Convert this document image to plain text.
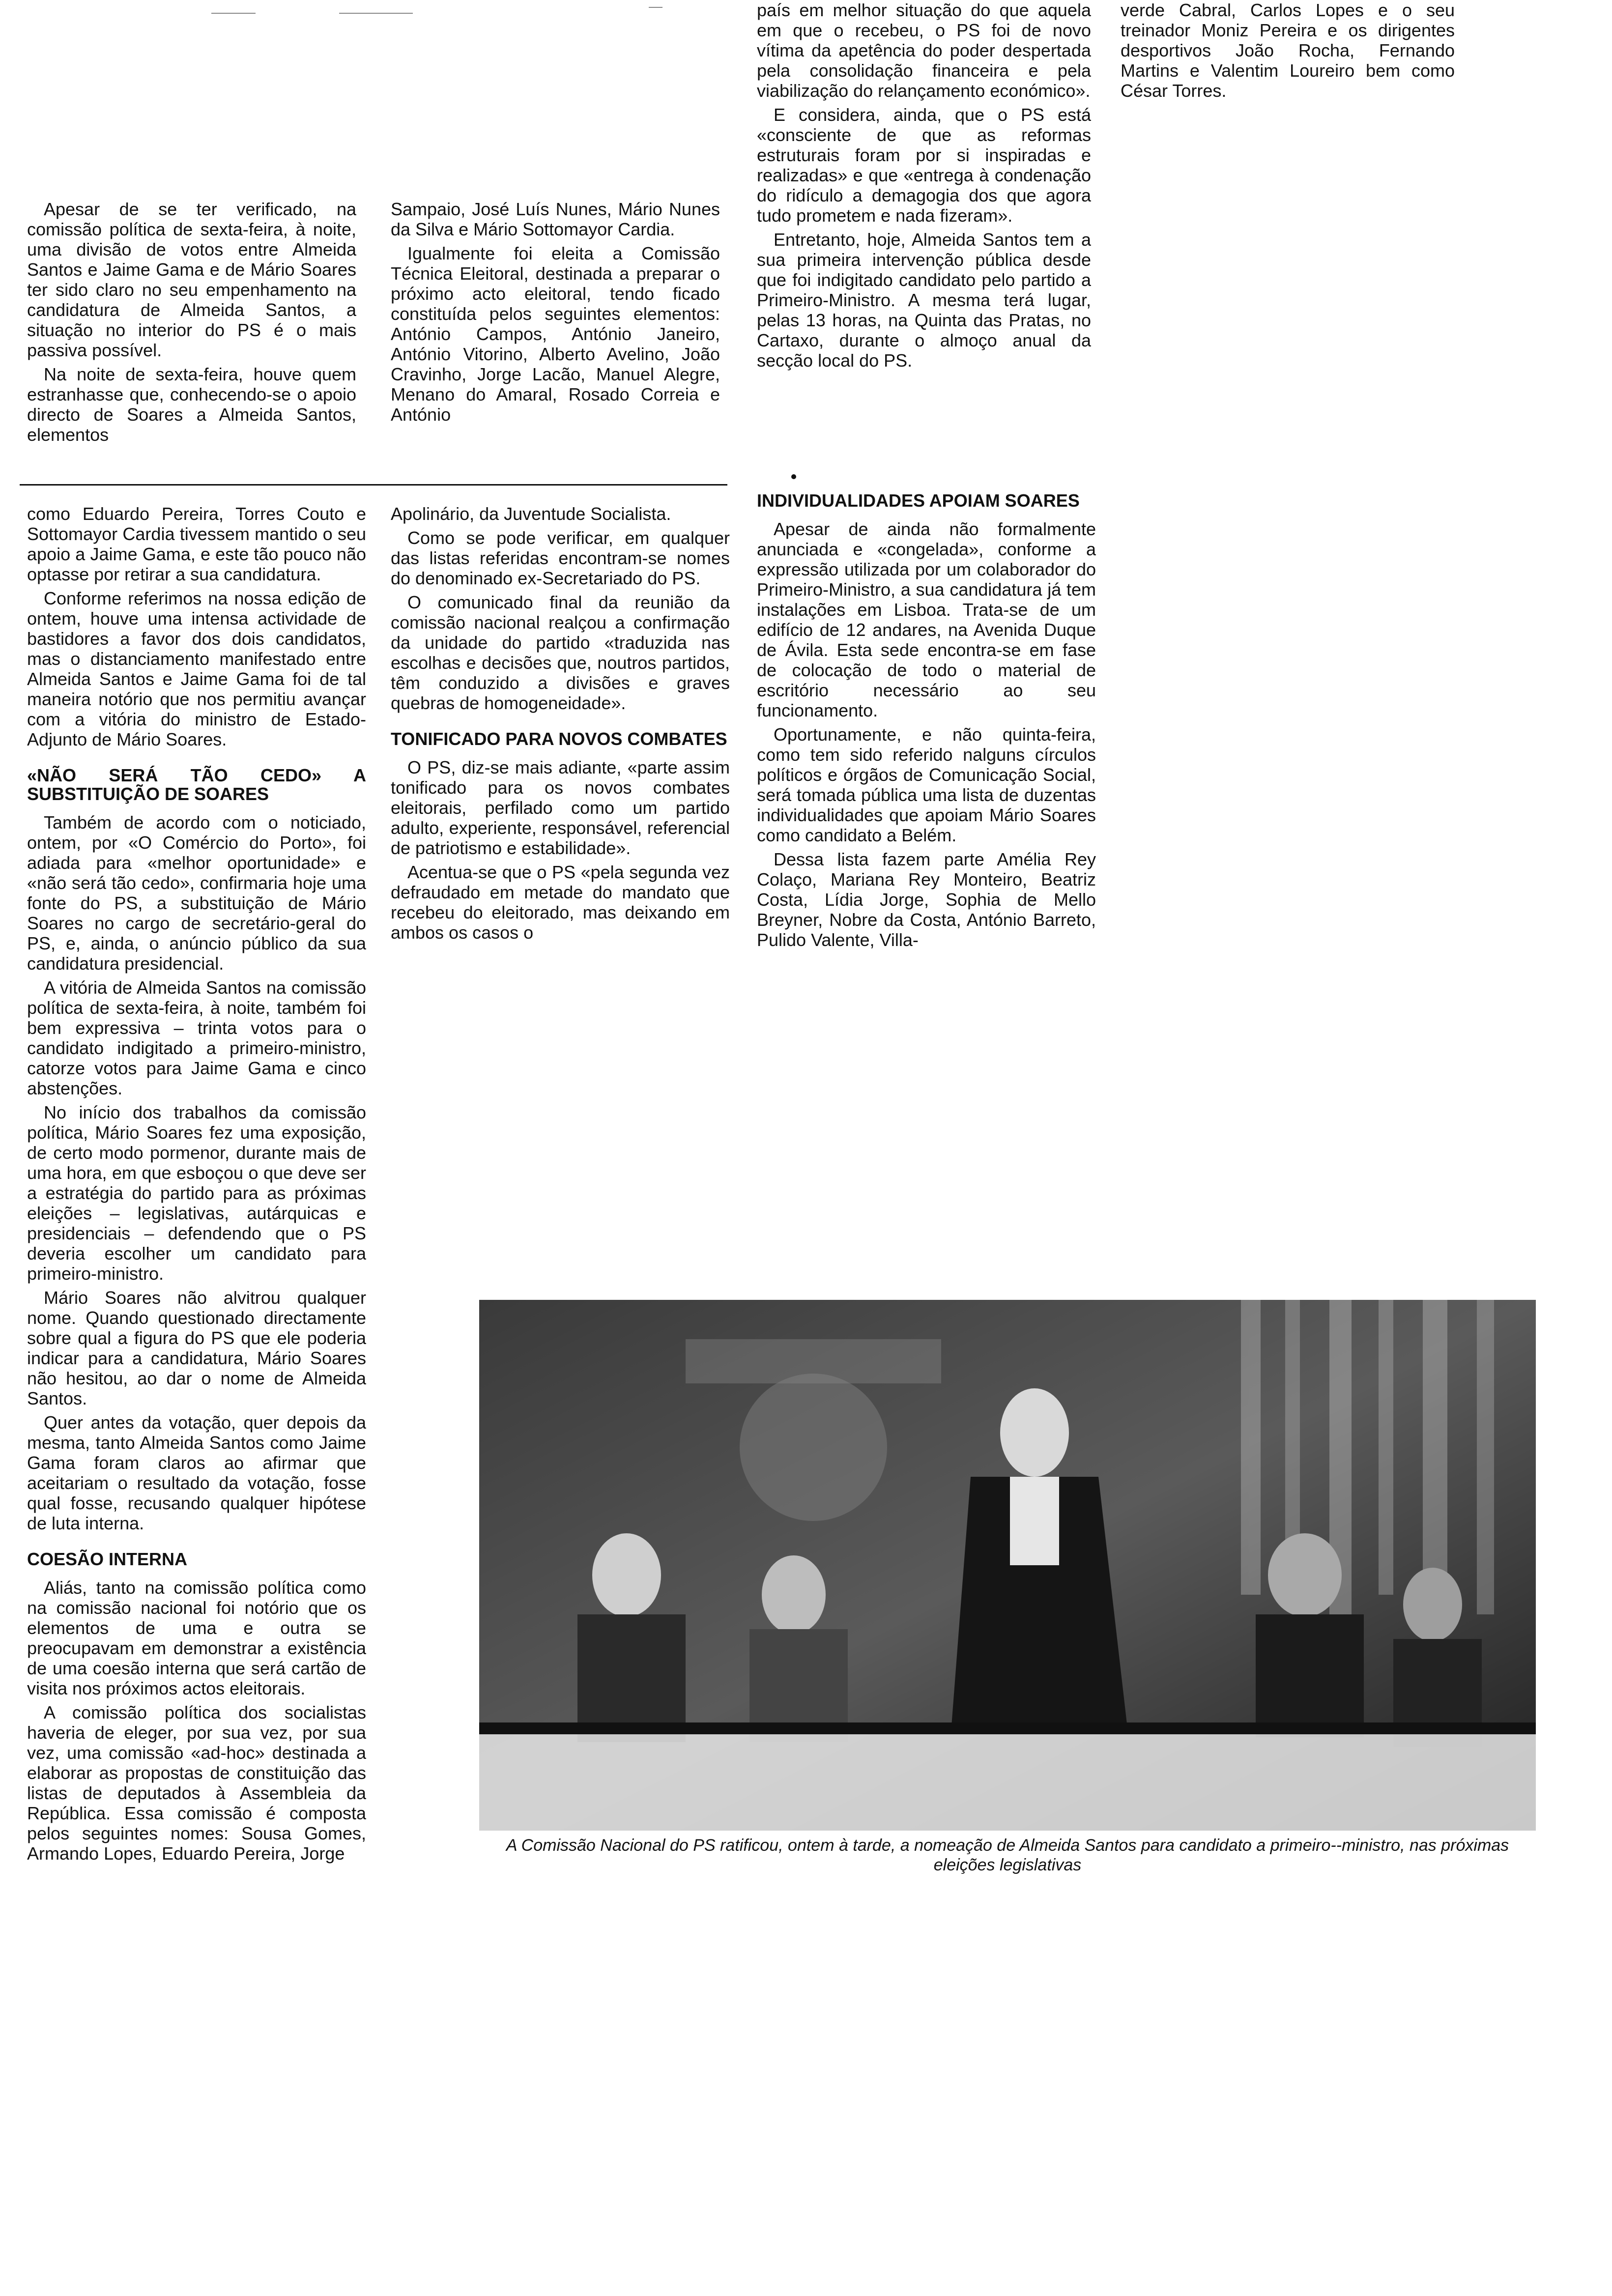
verde Cabral, Carlos Lopes e o seu treinador Moniz Pereira e os dirigentes desportivos João Rocha, Fernando Martins e Valentim Loureiro bem como César Torres.

Apesar de se ter verificado, na comissão política de sexta-feira, à noite, uma divisão de votos entre Almeida Santos e Jaime Gama e de Mário Soares ter sido claro no seu empenhamento na candidatura de Almeida Santos, a situação no interior do PS é o mais passiva possível.

Na noite de sexta-feira, houve quem estranhasse que, conhecendo-se o apoio directo de Soares a Almeida Santos, elementos

Sampaio, José Luís Nunes, Mário Nunes da Silva e Mário Sottomayor Cardia.

Igualmente foi eleita a Comissão Técnica Eleitoral, destinada a preparar o próximo acto eleitoral, tendo ficado constituída pelos seguintes elementos: António Campos, António Janeiro, António Vitorino, Alberto Avelino, João Cravinho, Jorge Lacão, Manuel Alegre, Menano do Amaral, Rosado Correia e António

país em melhor situação do que aquela em que o recebeu, o PS foi de novo vítima da apetência do poder despertada pela consolidação financeira e pela viabilização do relançamento económico».

E considera, ainda, que o PS está «consciente de que as reformas estruturais foram por si inspiradas e realizadas» e que «entrega à condenação do ridículo a demagogia dos que agora tudo prometem e nada fizeram».

Entretanto, hoje, Almeida Santos tem a sua primeira intervenção pública desde que foi indigitado candidato pelo partido a Primeiro-Ministro. A mesma terá lugar, pelas 13 horas, na Quinta das Pratas, no Cartaxo, durante o almoço anual da secção local do PS.

como Eduardo Pereira, Torres Couto e Sottomayor Cardia tivessem mantido o seu apoio a Jaime Gama, e este tão pouco não optasse por retirar a sua candidatura.

Conforme referimos na nossa edição de ontem, houve uma intensa actividade de bastidores a favor dos dois candidatos, mas o distanciamento manifestado entre Almeida Santos e Jaime Gama foi de tal maneira notório que nos permitiu avançar com a vitória do ministro de Estado-Adjunto de Mário Soares.

«NÃO SERÁ TÃO CEDO» A SUBSTITUIÇÃO DE SOARES

Também de acordo com o noticiado, ontem, por «O Comércio do Porto», foi adiada para «melhor oportunidade» e «não será tão cedo», confirmaria hoje uma fonte do PS, a substituição de Mário Soares no cargo de secretário-geral do PS, e, ainda, o anúncio público da sua candidatura presidencial.

A vitória de Almeida Santos na comissão política de sexta-feira, à noite, também foi bem expressiva – trinta votos para o candidato indigitado a primeiro-ministro, catorze votos para Jaime Gama e cinco abstenções.

No início dos trabalhos da comissão política, Mário Soares fez uma exposição, de certo modo pormenor, durante mais de uma hora, em que esboçou o que deve ser a estratégia do partido para as próximas eleições – legislativas, autárquicas e presidenciais – defendendo que o PS deveria escolher um candidato para primeiro-ministro.

Mário Soares não alvitrou qualquer nome. Quando questionado directamente sobre qual a figura do PS que ele poderia indicar para a candidatura, Mário Soares não hesitou, ao dar o nome de Almeida Santos.

Quer antes da votação, quer depois da mesma, tanto Almeida Santos como Jaime Gama foram claros ao afirmar que aceitariam o resultado da votação, fosse qual fosse, recusando qualquer hipótese de luta interna.

COESÃO INTERNA

Aliás, tanto na comissão política como na comissão nacional foi notório que os elementos de uma e outra se preocupavam em demonstrar a existência de uma coesão interna que será cartão de visita nos próximos actos eleitorais.

A comissão política dos socialistas haveria de eleger, por sua vez, por sua vez, uma comissão «ad-hoc» destinada a elaborar as propostas de constituição das listas de deputados à Assembleia da República. Essa comissão é composta pelos seguintes nomes: Sousa Gomes, Armando Lopes, Eduardo Pereira, Jorge

Apolinário, da Juventude Socialista.

Como se pode verificar, em qualquer das listas referidas encontram-se nomes do denominado ex-Secretariado do PS.

O comunicado final da reunião da comissão nacional realçou a confirmação da unidade do partido «traduzida nas escolhas e decisões que, noutros partidos, têm conduzido a divisões e graves quebras de homogeneidade».

TONIFICADO PARA NOVOS COMBATES

O PS, diz-se mais adiante, «parte assim tonificado para os novos combates eleitorais, perfilado como um partido adulto, experiente, responsável, referencial de patriotismo e estabilidade».

Acentua-se que o PS «pela segunda vez defraudado em metade do mandato que recebeu do eleitorado, mas deixando em ambos os casos o

INDIVIDUALIDADES APOIAM SOARES

Apesar de ainda não formalmente anunciada e «congelada», conforme a expressão utilizada por um colaborador do Primeiro-Ministro, a sua candidatura já tem instalações em Lisboa. Trata-se de um edifício de 12 andares, na Avenida Duque de Ávila. Esta sede encontra-se em fase de colocação de todo o material de escritório necessário ao seu funcionamento.

Oportunamente, e não quinta-feira, como tem sido referido nalguns círculos políticos e órgãos de Comunicação Social, será tomada pública uma lista de duzentas individualidades que apoiam Mário Soares como candidato a Belém.

Dessa lista fazem parte Amélia Rey Colaço, Mariana Rey Monteiro, Beatriz Costa, Lídia Jorge, Sophia de Mello Breyner, Nobre da Costa, António Barreto, Pulido Valente, Villa-

A Comissão Nacional do PS ratificou, ontem à tarde, a nomeação de Almeida Santos para candidato a primeiro--ministro, nas próximas eleições legislativas
